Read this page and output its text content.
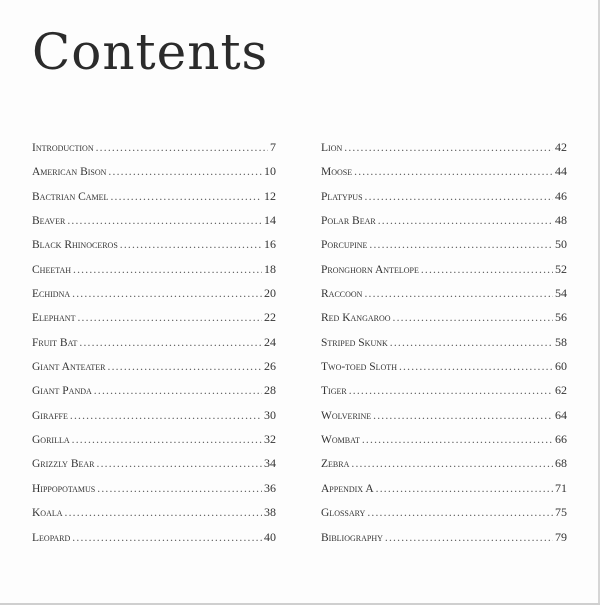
Contents
Introduction .....	7
American Bison .....	10
Bactrian Camel .....	12
Beaver .....	14
Black Rhinoceros .....	16
Cheetah .....	18
Echidna .....	20
Elephant .....	22
Fruit Bat .....	24
Giant Anteater .....	26
Giant Panda .....	28
Giraffe .....	30
Gorilla .....	32
Grizzly Bear .....	34
Hippopotamus .....	36
Koala .....	38
Leopard .....	40
Lion .....	42
Moose .....	44
Platypus .....	46
Polar Bear .....	48
Porcupine .....	50
Pronghorn Antelope .....	52
Raccoon .....	54
Red Kangaroo .....	56
Striped Skunk .....	58
Two-toed Sloth .....	60
Tiger .....	62
Wolverine .....	64
Wombat .....	66
Zebra .....	68
Appendix A .....	71
Glossary .....	75
Bibliography .....	79
